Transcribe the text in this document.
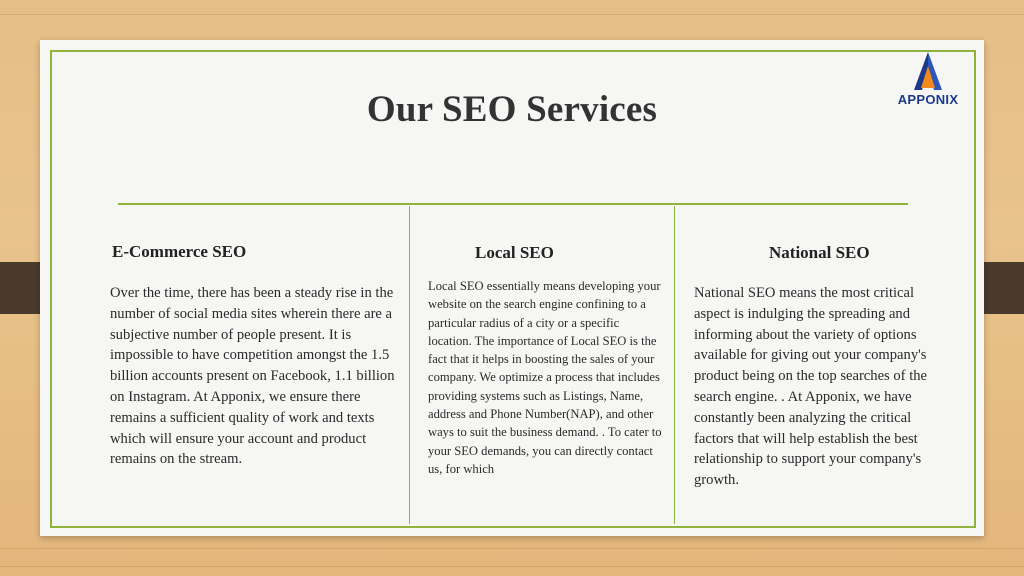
APPONIX
Our SEO Services
E-Commerce SEO
Over the time, there has been a steady rise in the number of social media sites wherein there are a subjective number of people present. It is impossible to have competition amongst the 1.5 billion accounts present on Facebook, 1.1 billion on Instagram. At Apponix, we ensure there remains a sufficient quality of work and texts which will ensure your account and product remains on the stream.
Local SEO
Local SEO essentially means developing your website on the search engine confining to a particular radius of a city or a specific location. The importance of Local SEO is the fact that it helps in boosting the sales of your company. We optimize a process that includes providing systems such as Listings, Name, address and Phone Number(NAP), and other ways to suit the business demand. . To cater to your SEO demands, you can directly contact us, for which
National SEO
National SEO means the most critical aspect is indulging the spreading and informing about the variety of options available for giving out your company's product being on the top searches of the search engine. . At Apponix, we have constantly been analyzing the critical factors that will help establish the best relationship to support your company's growth.
